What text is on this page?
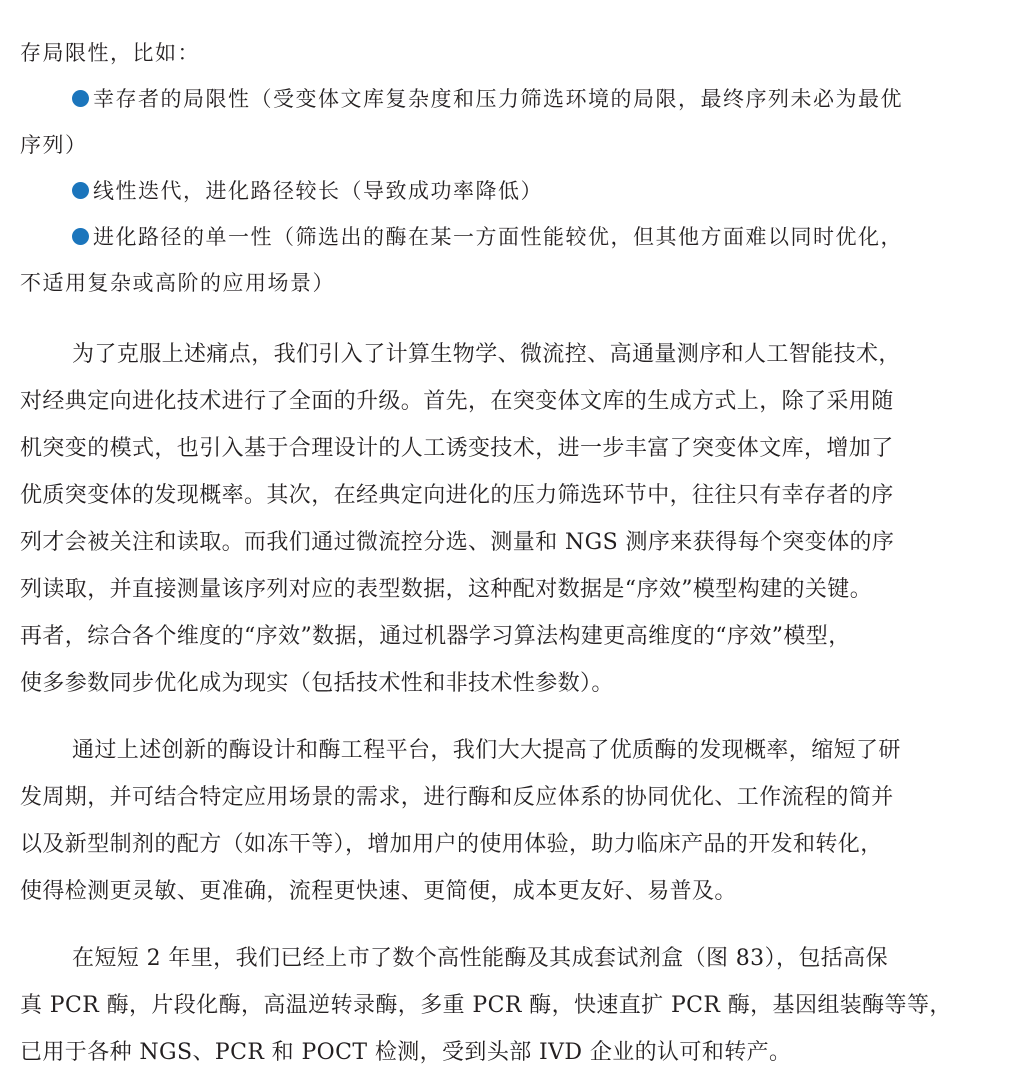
存局限性，比如：

幸存者的局限性（受变体文库复杂度和压力筛选环境的局限，最终序列未必为最优

序列）

线性迭代，进化路径较长（导致成功率降低）

进化路径的单一性（筛选出的酶在某一方面性能较优，但其他方面难以同时优化，

不适用复杂或高阶的应用场景）

为了克服上述痛点，我们引入了计算生物学、微流控、高通量测序和人工智能技术，

对经典定向进化技术进行了全面的升级。首先，在突变体文库的生成方式上，除了采用随

机突变的模式，也引入基于合理设计的人工诱变技术，进一步丰富了突变体文库，增加了

优质突变体的发现概率。其次，在经典定向进化的压力筛选环节中，往往只有幸存者的序

列才会被关注和读取。而我们通过微流控分选、测量和 NGS 测序来获得每个突变体的序

列读取，并直接测量该序列对应的表型数据，这种配对数据是“序效”模型构建的关键。

再者，综合各个维度的“序效”数据，通过机器学习算法构建更高维度的“序效”模型，

使多参数同步优化成为现实（包括技术性和非技术性参数）。

通过上述创新的酶设计和酶工程平台，我们大大提高了优质酶的发现概率，缩短了研

发周期，并可结合特定应用场景的需求，进行酶和反应体系的协同优化、工作流程的简并

以及新型制剂的配方（如冻干等），增加用户的使用体验，助力临床产品的开发和转化，

使得检测更灵敏、更准确，流程更快速、更简便，成本更友好、易普及。

在短短 2 年里，我们已经上市了数个高性能酶及其成套试剂盒（图 83），包括高保

真 PCR 酶，片段化酶，高温逆转录酶，多重 PCR 酶，快速直扩 PCR 酶，基因组装酶等等，

已用于各种 NGS、PCR 和 POCT 检测，受到头部 IVD 企业的认可和转产。
